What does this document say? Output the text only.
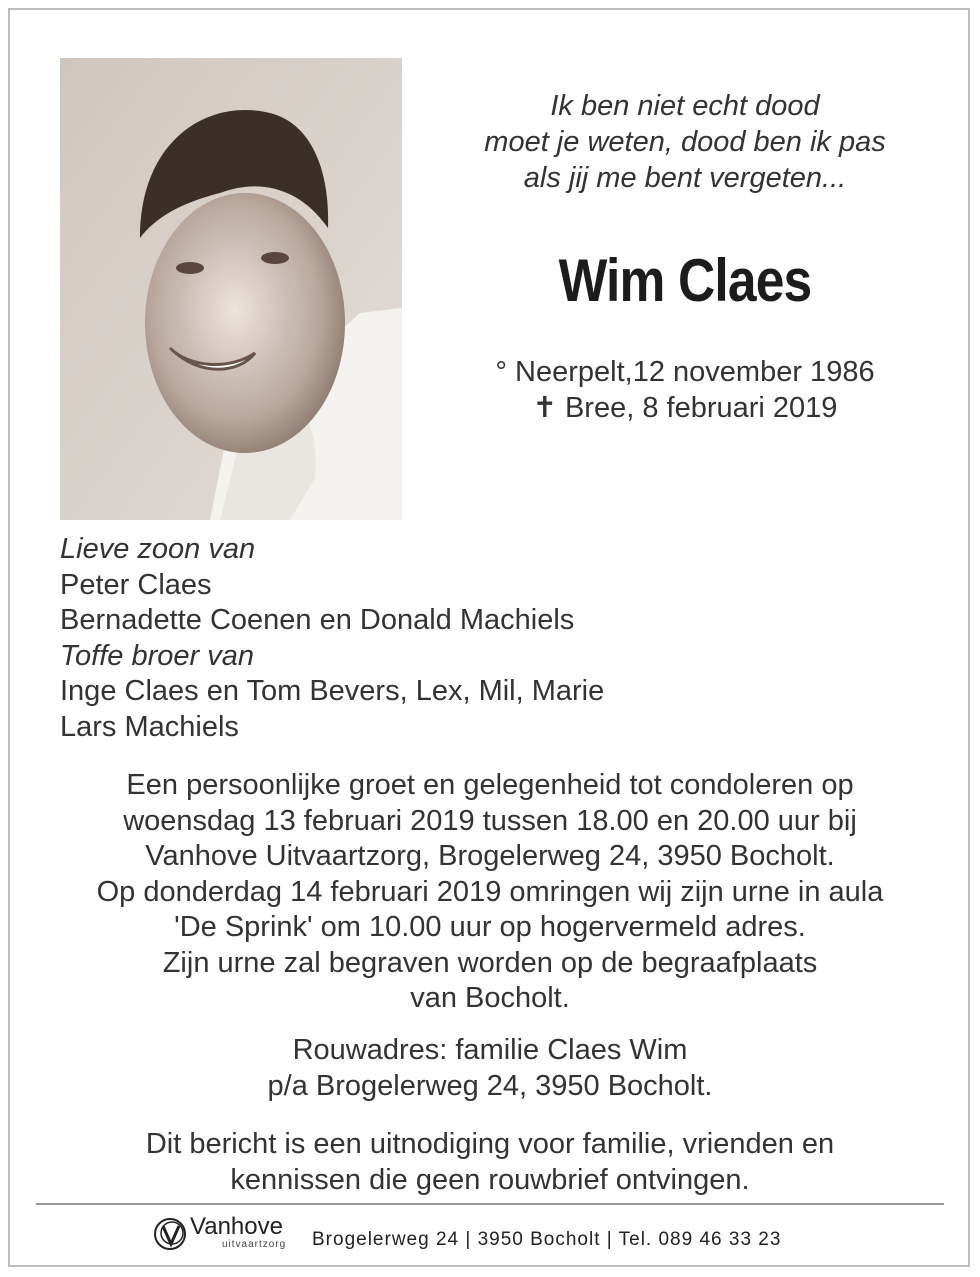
Ik ben niet echt dood
moet je weten, dood ben ik pas
als jij me bent vergeten...
Wim Claes
° Neerpelt,12 november 1986
✝ Bree, 8 februari 2019
Lieve zoon van
Peter Claes
Bernadette Coenen en Donald Machiels
Toffe broer van
Inge Claes en Tom Bevers, Lex, Mil, Marie
Lars Machiels
Een persoonlijke groet en gelegenheid tot condoleren op
woensdag 13 februari 2019 tussen 18.00 en 20.00 uur bij
Vanhove Uitvaartzorg, Brogelerweg 24, 3950 Bocholt.
Op donderdag 14 februari 2019 omringen wij zijn urne in aula
'De Sprink' om 10.00 uur op hogervermeld adres.
Zijn urne zal begraven worden op de begraafplaats
van Bocholt.
Rouwadres: familie Claes Wim
p/a Brogelerweg 24, 3950 Bocholt.
Dit bericht is een uitnodiging voor familie, vrienden en
kennissen die geen rouwbrief ontvingen.
Vanhove
uitvaartzorg Brogelerweg 24 | 3950 Bocholt | Tel. 089 46 33 23
